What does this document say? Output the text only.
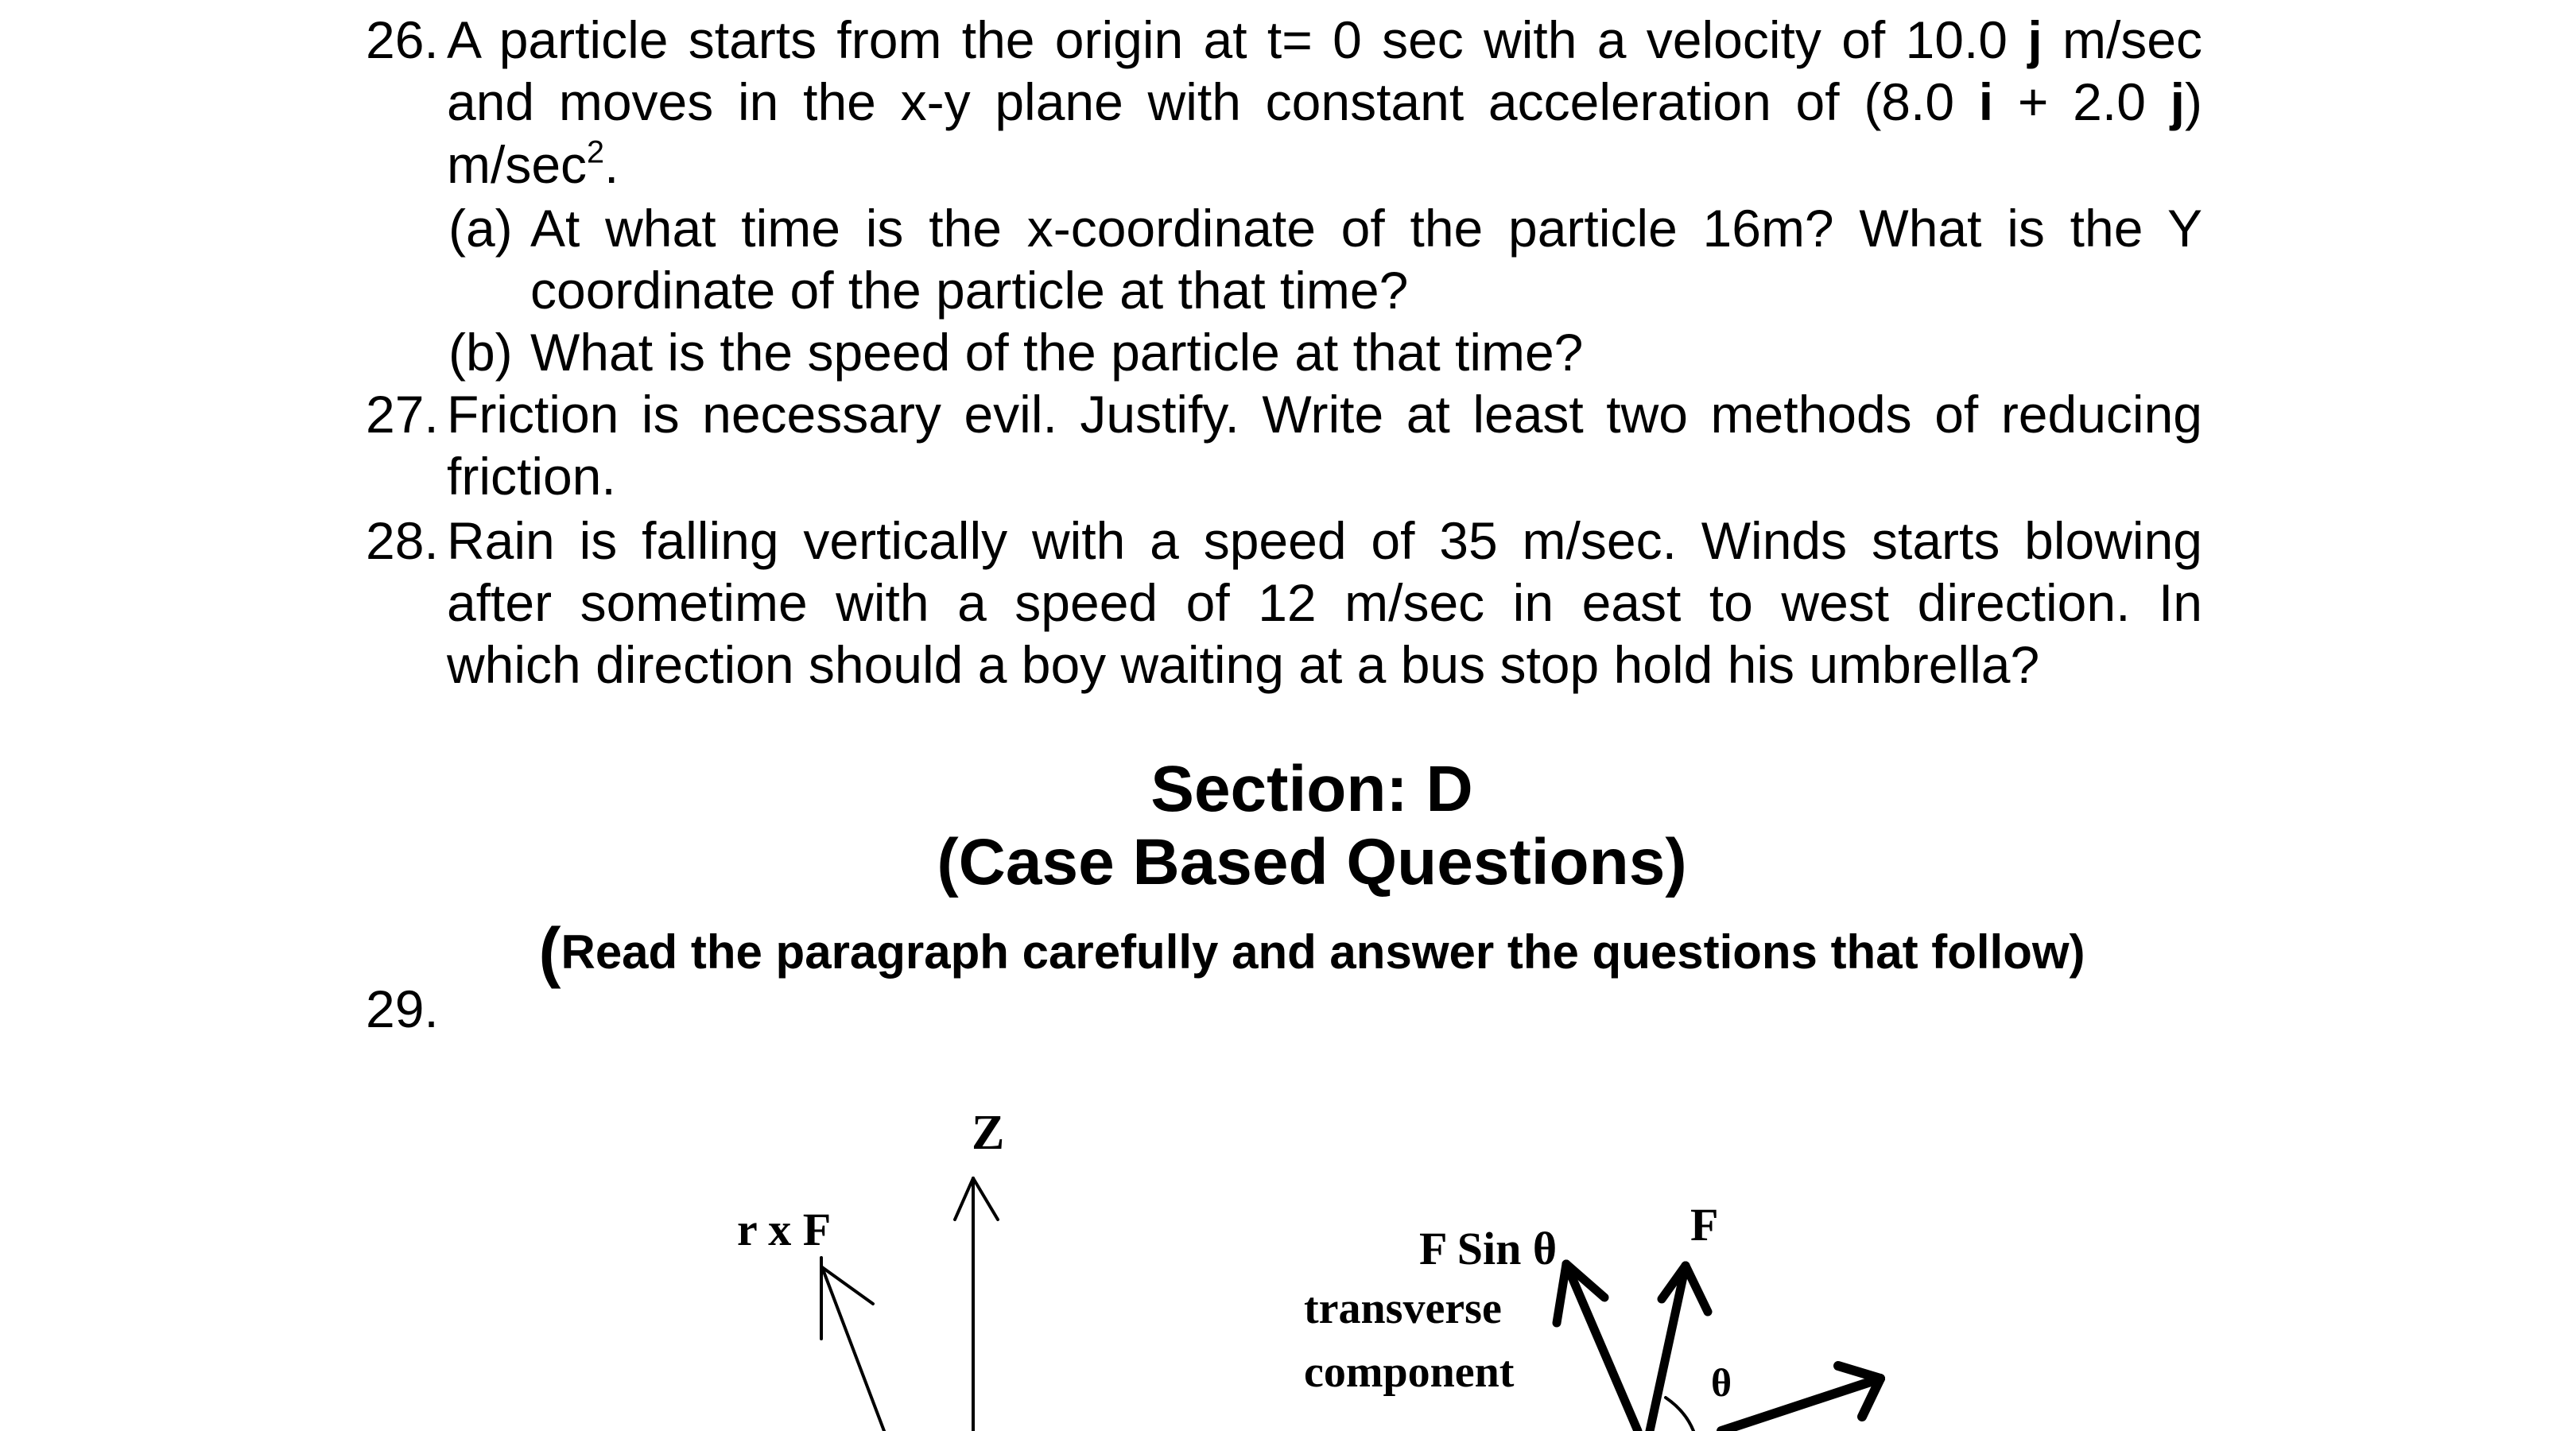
26. A particle starts from the origin at t= 0 sec with a velocity of 10.0 j m/sec
and moves in the x-y plane with constant acceleration of (8.0 i + 2.0 j)
$m/\sec^2$.
(a) At what time is the x-coordinate of the particle 16m? What is the Y
coordinate of the particle at that time?
(b) What is the speed of the particle at that time?
27. Friction is necessary evil. Justify. Write at least two methods of reducing
friction.
28. Rain is falling vertically with a speed of 35 m/sec. Winds starts blowing
after sometime with a speed of 12 m/sec in east to west direction. In
which direction should a boy waiting at a bus stop hold his umbrella?
Section: D
(Case Based Questions)
(Read the paragraph carefully and answer the questions that follow)
29.
Z
r x F	F Sin θ
transverse
component
F
θ
